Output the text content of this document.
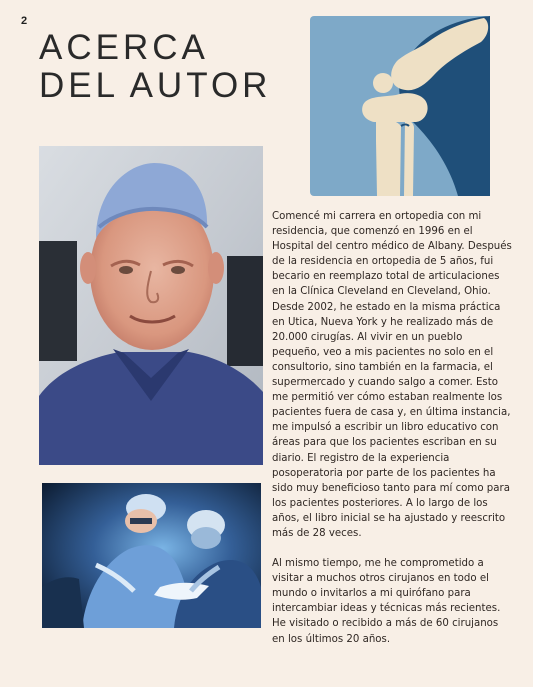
2
ACERCA DEL AUTOR

Comencé mi carrera en ortopedia con mi residencia, que comenzó en 1996 en el Hospital del centro médico de Albany. Después de la residencia en ortopedia de 5 años, fui becario en reemplazo total de articulaciones en la Clínica Cleveland en Cleveland, Ohio. Desde 2002, he estado en la misma práctica en Utica, Nueva York y he realizado más de 20.000 cirugías. Al vivir en un pueblo pequeño, veo a mis pacientes no solo en el consultorio, sino también en la farmacia, el supermercado y cuando salgo a comer. Esto me permitió ver cómo estaban realmente los pacientes fuera de casa y, en última instancia, me impulsó a escribir un libro educativo con áreas para que los pacientes escriban en su diario. El registro de la experiencia posoperatoria por parte de los pacientes ha sido muy beneficioso tanto para mí como para los pacientes posteriores. A lo largo de los años, el libro inicial se ha ajustado y reescrito más de 28 veces.

Al mismo tiempo, me he comprometido a visitar a muchos otros cirujanos en todo el mundo o invitarlos a mi quirófano para intercambiar ideas y técnicas más recientes. He visitado o recibido a más de 60 cirujanos en los últimos 20 años.
